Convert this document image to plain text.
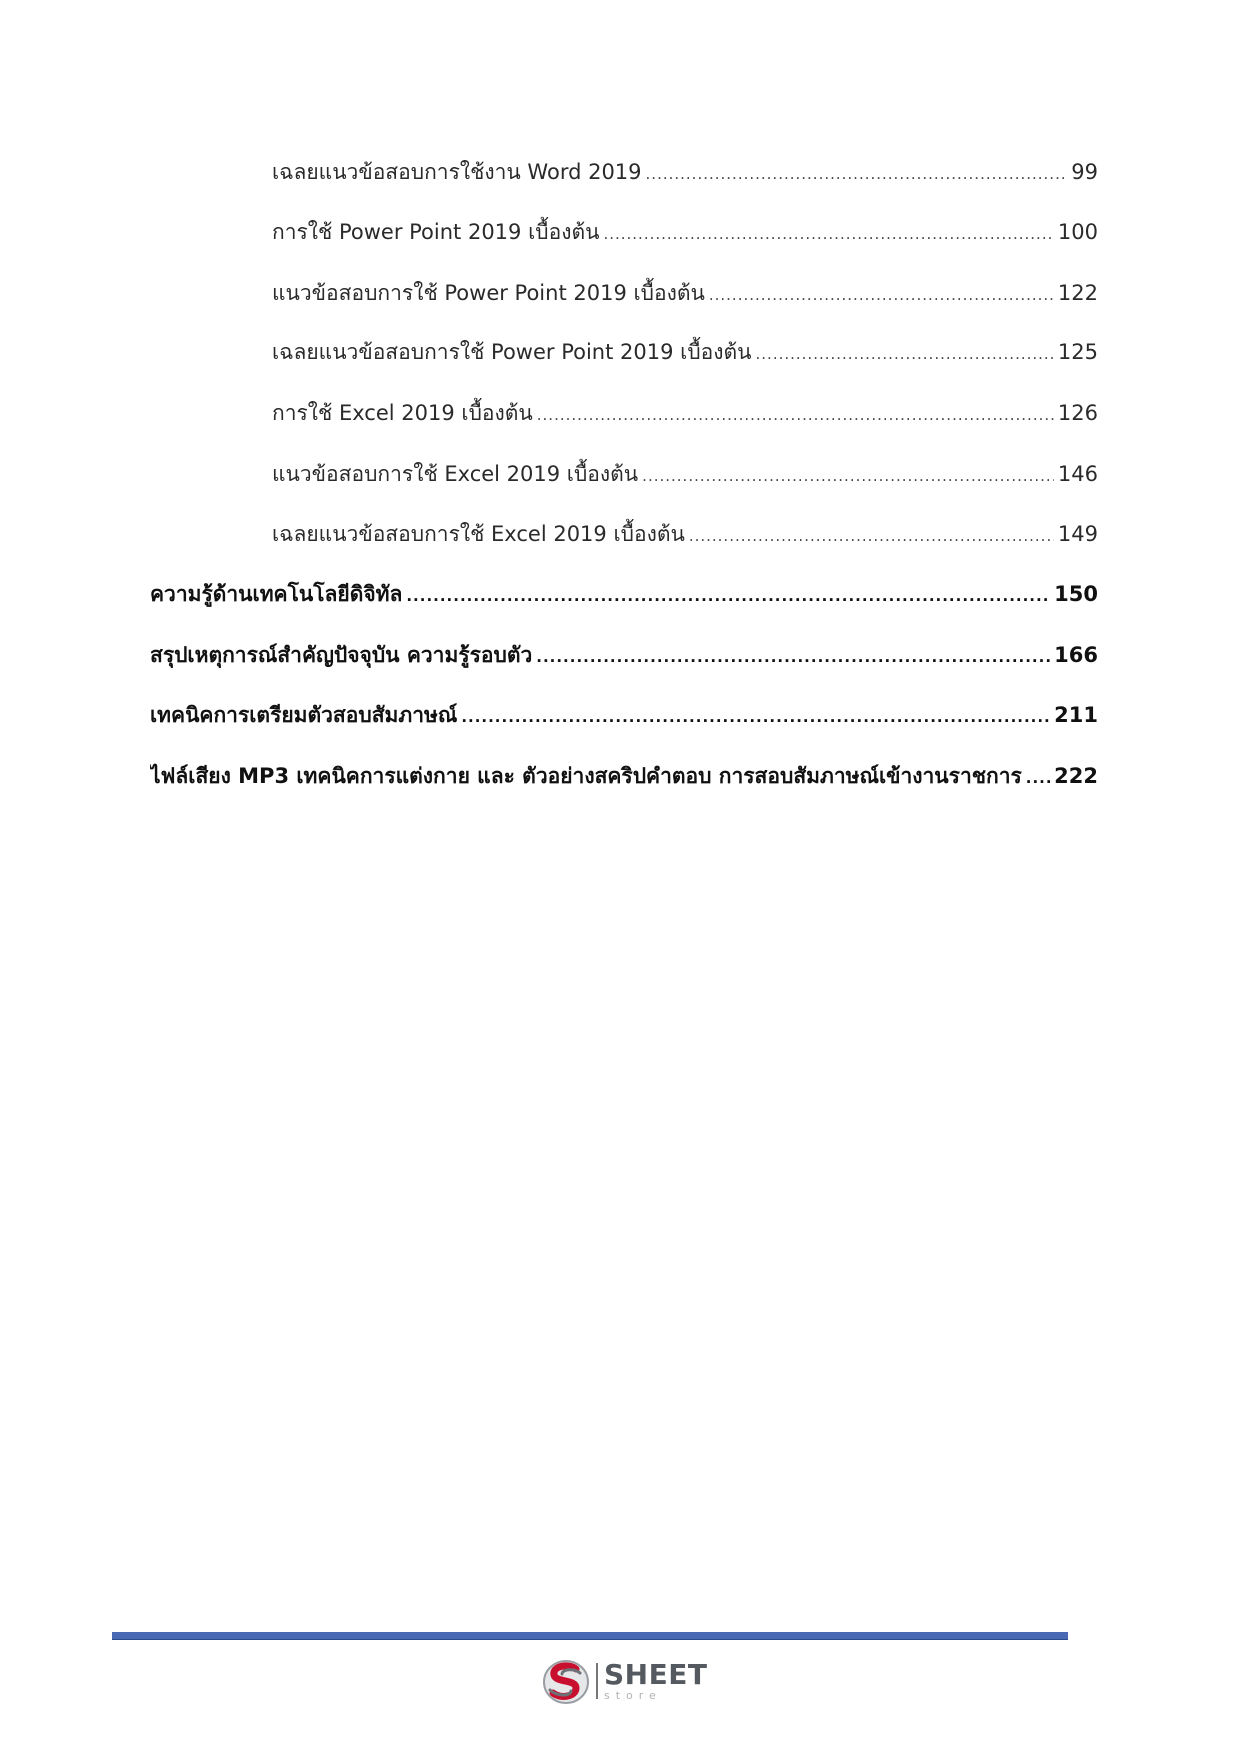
เฉลยแนวข้อสอบการใช้งาน Word 2019 .....	99
การใช้ Power Point 2019 เบื้องต้น .....	100
แนวข้อสอบการใช้ Power Point 2019 เบื้องต้น .....	122
เฉลยแนวข้อสอบการใช้ Power Point 2019 เบื้องต้น .....	125
การใช้ Excel 2019 เบื้องต้น .....	126
แนวข้อสอบการใช้ Excel 2019 เบื้องต้น .....	146
เฉลยแนวข้อสอบการใช้ Excel 2019 เบื้องต้น .....	149
ความรู้ด้านเทคโนโลยีดิจิทัล .....	150
สรุปเหตุการณ์สำคัญปัจจุบัน ความรู้รอบตัว .....	166
เทคนิคการเตรียมตัวสอบสัมภาษณ์ .....	211
ไฟล์เสียง MP3 เทคนิคการแต่งกาย และ ตัวอย่างสคริปคำตอบ การสอบสัมภาษณ์เข้างานราชการ ..... 222
SHEET
store
